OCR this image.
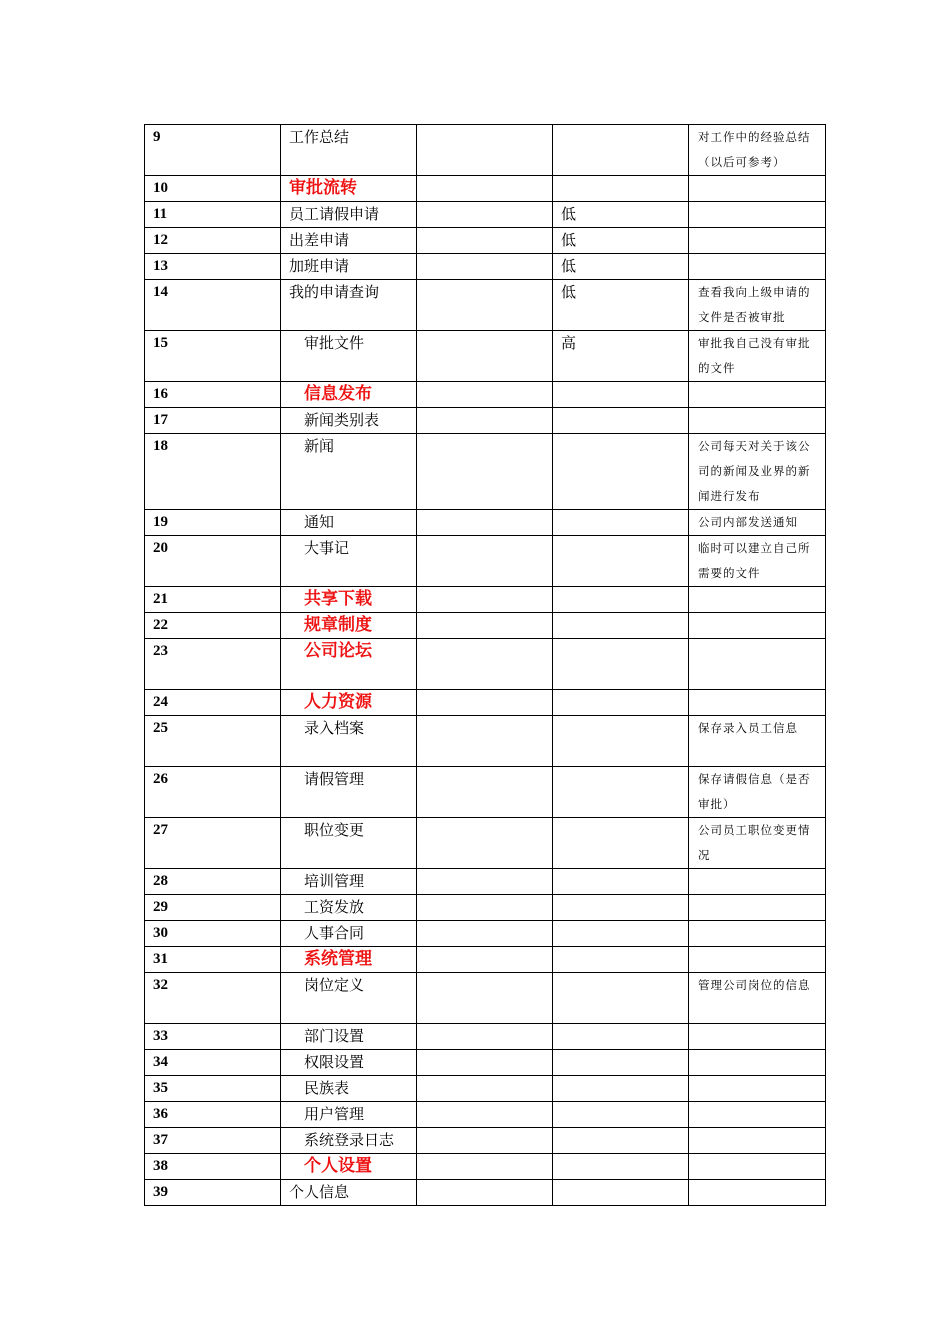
9	工作总结			对工作中的经验总结（以后可参考）
10	审批流转			
11	员工请假申请		低	
12	出差申请		低	
13	加班申请		低	
14	我的申请查询		低	查看我向上级申请的文件是否被审批
15	审批文件		高	审批我自己没有审批的文件
16	信息发布			
17	新闻类别表			
18	新闻			公司每天对关于该公司的新闻及业界的新闻进行发布
19	通知			公司内部发送通知
20	大事记			临时可以建立自己所需要的文件
21	共享下载			
22	规章制度			
23	公司论坛			
24	人力资源			
25	录入档案			保存录入员工信息
26	请假管理			保存请假信息（是否审批）
27	职位变更			公司员工职位变更情况
28	培训管理			
29	工资发放			
30	人事合同			
31	系统管理			
32	岗位定义			管理公司岗位的信息
33	部门设置			
34	权限设置			
35	民族表			
36	用户管理			
37	系统登录日志			
38	个人设置			
39	个人信息			
